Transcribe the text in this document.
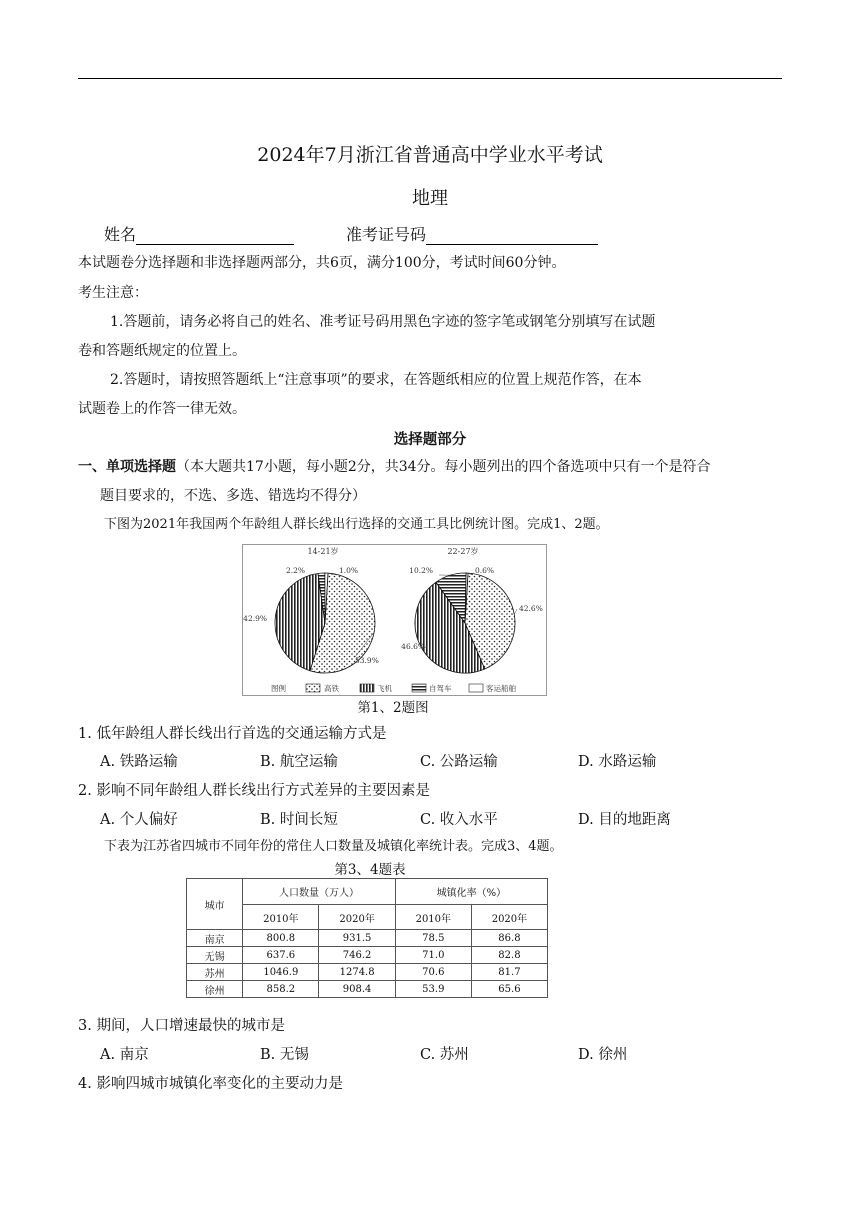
2024年7月浙江省普通高中学业水平考试
地理
姓名	准考证号码
本试题卷分选择题和非选择题两部分，共6页，满分100分，考试时间60分钟。
考生注意：
1.答题前，请务必将自己的姓名、准考证号码用黑色字迹的签字笔或钢笔分别填写在试题
卷和答题纸规定的位置上。
2.答题时，请按照答题纸上“注意事项”的要求，在答题纸相应的位置上规范作答，在本
试题卷上的作答一律无效。
选择题部分
一、单项选择题（本大题共17小题，每小题2分，共34分。每小题列出的四个备选项中只有一个是符合
题目要求的，不选、多选、错选均不得分）
下图为2021年我国两个年龄组人群长线出行选择的交通工具比例统计图。完成1、2题。
14-21岁	22-27岁
53.9%
42.9%
2.2%	1.0%
42.6%
46.6%
10.2%	0.6%
图例	高铁	飞机	自驾车	客运船舶
第1、2题图
1. 低年龄组人群长线出行首选的交通运输方式是
A. 铁路运输	B. 航空运输	C. 公路运输	D. 水路运输
2. 影响不同年龄组人群长线出行方式差异的主要因素是
A. 个人偏好	B. 时间长短	C. 收入水平	D. 目的地距离
下表为江苏省四城市不同年份的常住人口数量及城镇化率统计表。完成3、4题。
第3、4题表
城市	人口数量（万人）		城镇化率（%）	
	2010年	2020年	2010年	2020年
南京	800.8	931.5	78.5	86.8
无锡	637.6	746.2	71.0	82.8
苏州	1046.9	1274.8	70.6	81.7
徐州	858.2	908.4	53.9	65.6
3. 期间，人口增速最快的城市是
A. 南京	B. 无锡	C. 苏州	D. 徐州
4. 影响四城市城镇化率变化的主要动力是
